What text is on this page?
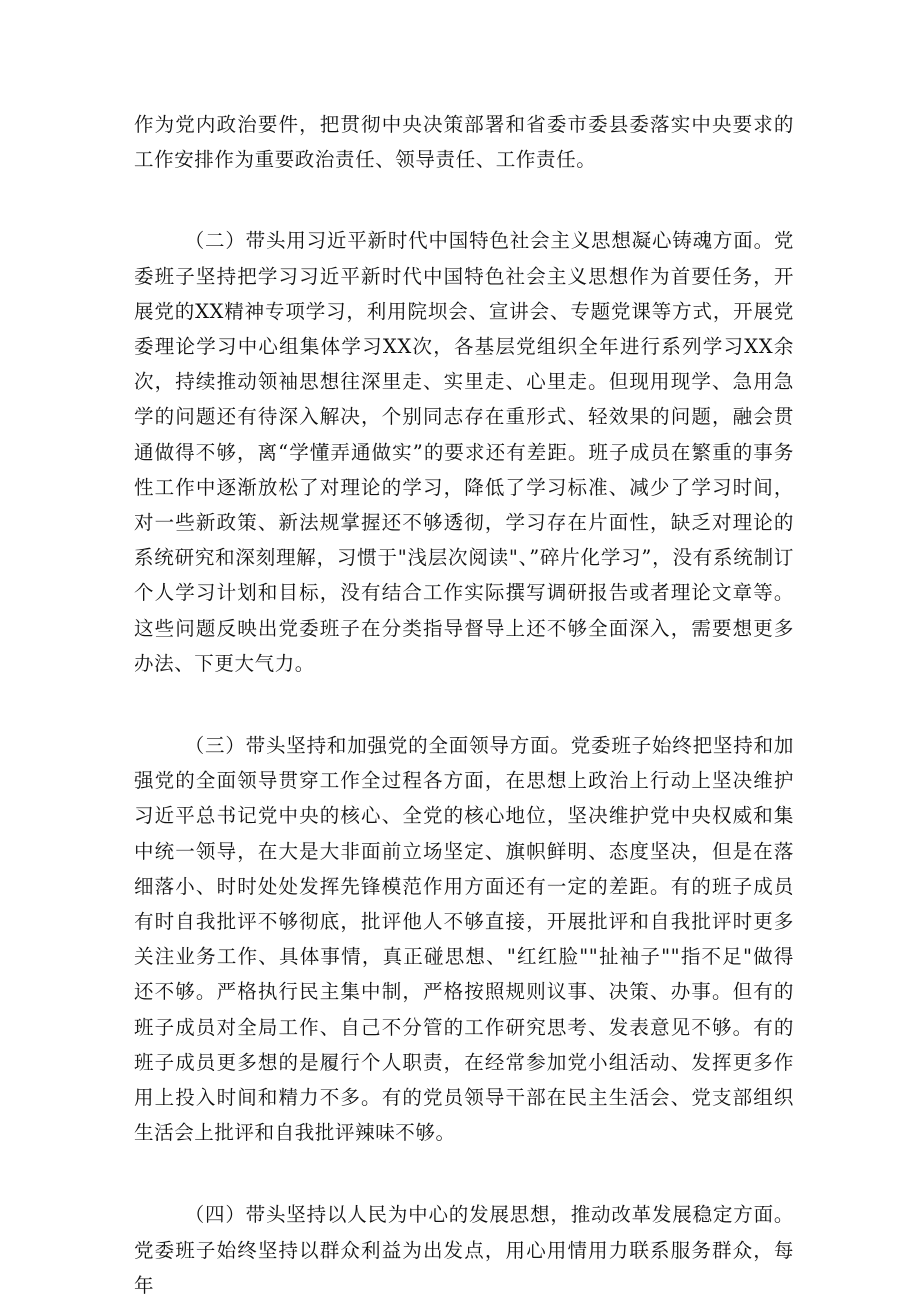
作为党内政治要件，把贯彻中央决策部署和省委市委县委落实中央要求的工作安排作为重要政治责任、领导责任、工作责任。

（二）带头用习近平新时代中国特色社会主义思想凝心铸魂方面。党委班子坚持把学习习近平新时代中国特色社会主义思想作为首要任务，开展党的XX精神专项学习，利用院坝会、宣讲会、专题党课等方式，开展党委理论学习中心组集体学习XX次，各基层党组织全年进行系列学习XX余次，持续推动领袖思想往深里走、实里走、心里走。但现用现学、急用急学的问题还有待深入解决，个别同志存在重形式、轻效果的问题，融会贯通做得不够，离“学懂弄通做实”的要求还有差距。班子成员在繁重的事务性工作中逐渐放松了对理论的学习，降低了学习标准、减少了学习时间，对一些新政策、新法规掌握还不够透彻，学习存在片面性，缺乏对理论的系统研究和深刻理解，习惯于"浅层次阅读"、”碎片化学习”，没有系统制订个人学习计划和目标，没有结合工作实际撰写调研报告或者理论文章等。这些问题反映出党委班子在分类指导督导上还不够全面深入，需要想更多办法、下更大气力。

（三）带头坚持和加强党的全面领导方面。党委班子始终把坚持和加强党的全面领导贯穿工作全过程各方面，在思想上政治上行动上坚决维护习近平总书记党中央的核心、全党的核心地位，坚决维护党中央权威和集中统一领导，在大是大非面前立场坚定、旗帜鲜明、态度坚决，但是在落细落小、时时处处发挥先锋模范作用方面还有一定的差距。有的班子成员有时自我批评不够彻底，批评他人不够直接，开展批评和自我批评时更多关注业务工作、具体事情，真正碰思想、"红红脸""扯袖子""指不足"做得还不够。严格执行民主集中制，严格按照规则议事、决策、办事。但有的班子成员对全局工作、自己不分管的工作研究思考、发表意见不够。有的班子成员更多想的是履行个人职责，在经常参加党小组活动、发挥更多作用上投入时间和精力不多。有的党员领导干部在民主生活会、党支部组织生活会上批评和自我批评辣味不够。

（四）带头坚持以人民为中心的发展思想，推动改革发展稳定方面。党委班子始终坚持以群众利益为出发点，用心用情用力联系服务群众，每年
